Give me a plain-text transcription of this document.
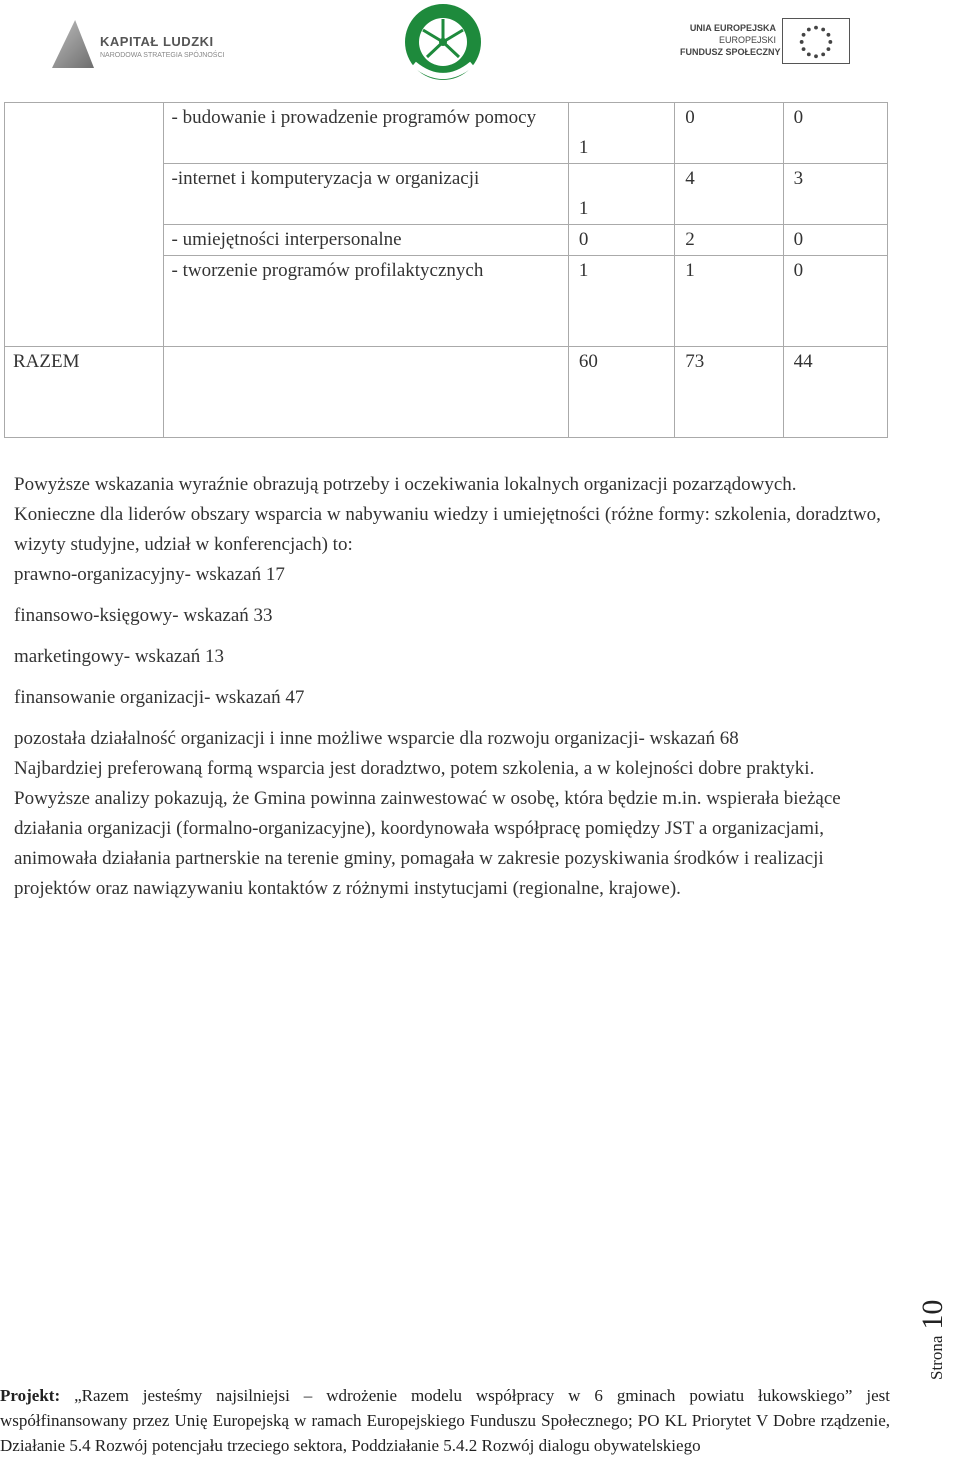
KAPITAŁ LUDZKI
NARODOWA STRATEGIA SPÓJNOŚCI
UNIA EUROPEJSKA
EUROPEJSKI
FUNDUSZ SPOŁECZNY
	- budowanie i prowadzenie programów pomocy	1	0	0
	-internet i komputeryzacja w organizacji	1	4	3
	- umiejętności interpersonalne	0	2	0
	- tworzenie programów profilaktycznych	1	1	0

RAZEM		60	73	44

Powyższe wskazania wyraźnie obrazują potrzeby i oczekiwania lokalnych organizacji pozarządowych.

Konieczne dla liderów obszary wsparcia w nabywaniu wiedzy i umiejętności (różne formy: szkolenia, doradztwo, wizyty studyjne, udział w konferencjach) to:

prawno-organizacyjny- wskazań 17

finansowo-księgowy- wskazań 33

marketingowy- wskazań 13

finansowanie organizacji- wskazań 47

pozostała działalność organizacji i inne możliwe wsparcie dla rozwoju organizacji- wskazań 68

Najbardziej preferowaną formą wsparcia jest doradztwo, potem szkolenia, a w kolejności dobre praktyki. Powyższe analizy pokazują, że Gmina powinna zainwestować w osobę, która będzie m.in. wspierała bieżące działania organizacji (formalno-organizacyjne), koordynowała współpracę pomiędzy JST a organizacjami, animowała działania partnerskie na terenie gminy, pomagała w zakresie pozyskiwania środków i realizacji projektów oraz nawiązywaniu kontaktów z różnymi instytucjami (regionalne, krajowe).

Strona10
Projekt: „Razem jesteśmy najsilniejsi – wdrożenie modelu współpracy w 6 gminach powiatu łukowskiego” jest współfinansowany przez Unię Europejską w ramach Europejskiego Funduszu Społecznego; PO KL Priorytet V Dobre rządzenie, Działanie 5.4 Rozwój potencjału trzeciego sektora, Poddziałanie 5.4.2 Rozwój dialogu obywatelskiego
